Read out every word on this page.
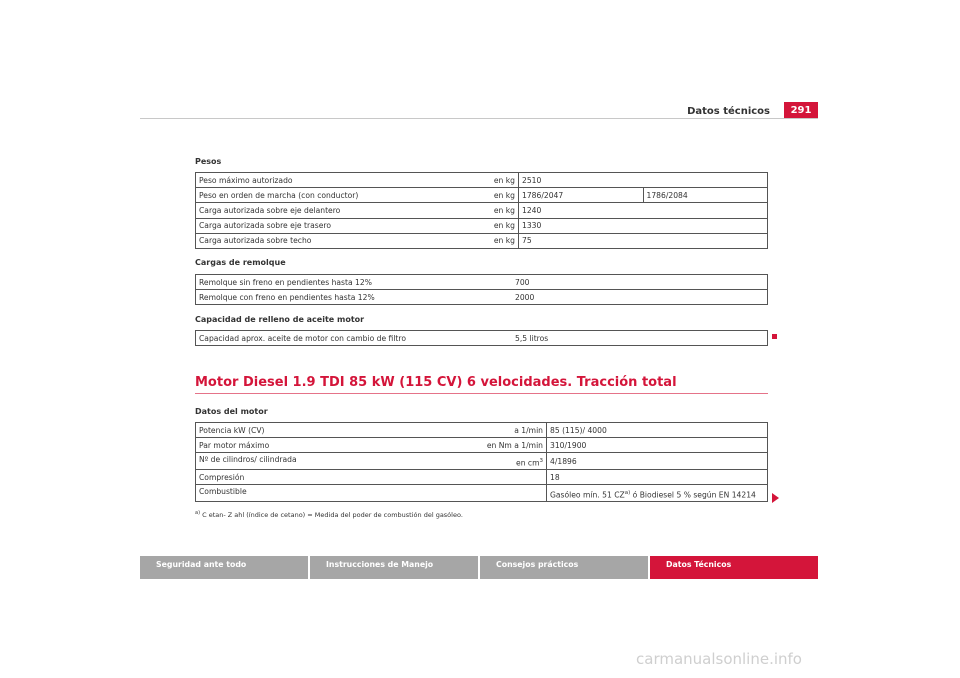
Datos técnicos	291
Pesos
Peso máximo autorizado	en kg	2510	
Peso en orden de marcha (con conductor)	en kg	1786/2047	1786/2084
Carga autorizada sobre eje delantero	en kg	1240	
Carga autorizada sobre eje trasero	en kg	1330	
Carga autorizada sobre techo	en kg	75	
Cargas de remolque
Remolque sin freno en pendientes hasta 12%	700
Remolque con freno en pendientes hasta 12%	2000
Capacidad de relleno de aceite motor
Capacidad aprox. aceite de motor con cambio de filtro	5,5 litros
Motor Diesel 1.9 TDI 85 kW (115 CV) 6 velocidades. Tracción total
Datos del motor
Potencia kW (CV)	a 1/min	85 (115)/ 4000
Par motor máximo	en Nm a 1/min	310/1900
Nº de cilindros/ cilindrada	en $cm^3$	4/1896
Compresión		18
Combustible		Gasóleo mín. 51 CZ$^{a)}$ ó Biodiesel 5 % según EN 14214
$^{a)}$ C etan- Z ahl (índice de cetano) = Medida del poder de combustión del gasóleo.
Seguridad ante todo	Instrucciones de Manejo	Consejos prácticos	Datos Técnicos
carmanualsonline.info
